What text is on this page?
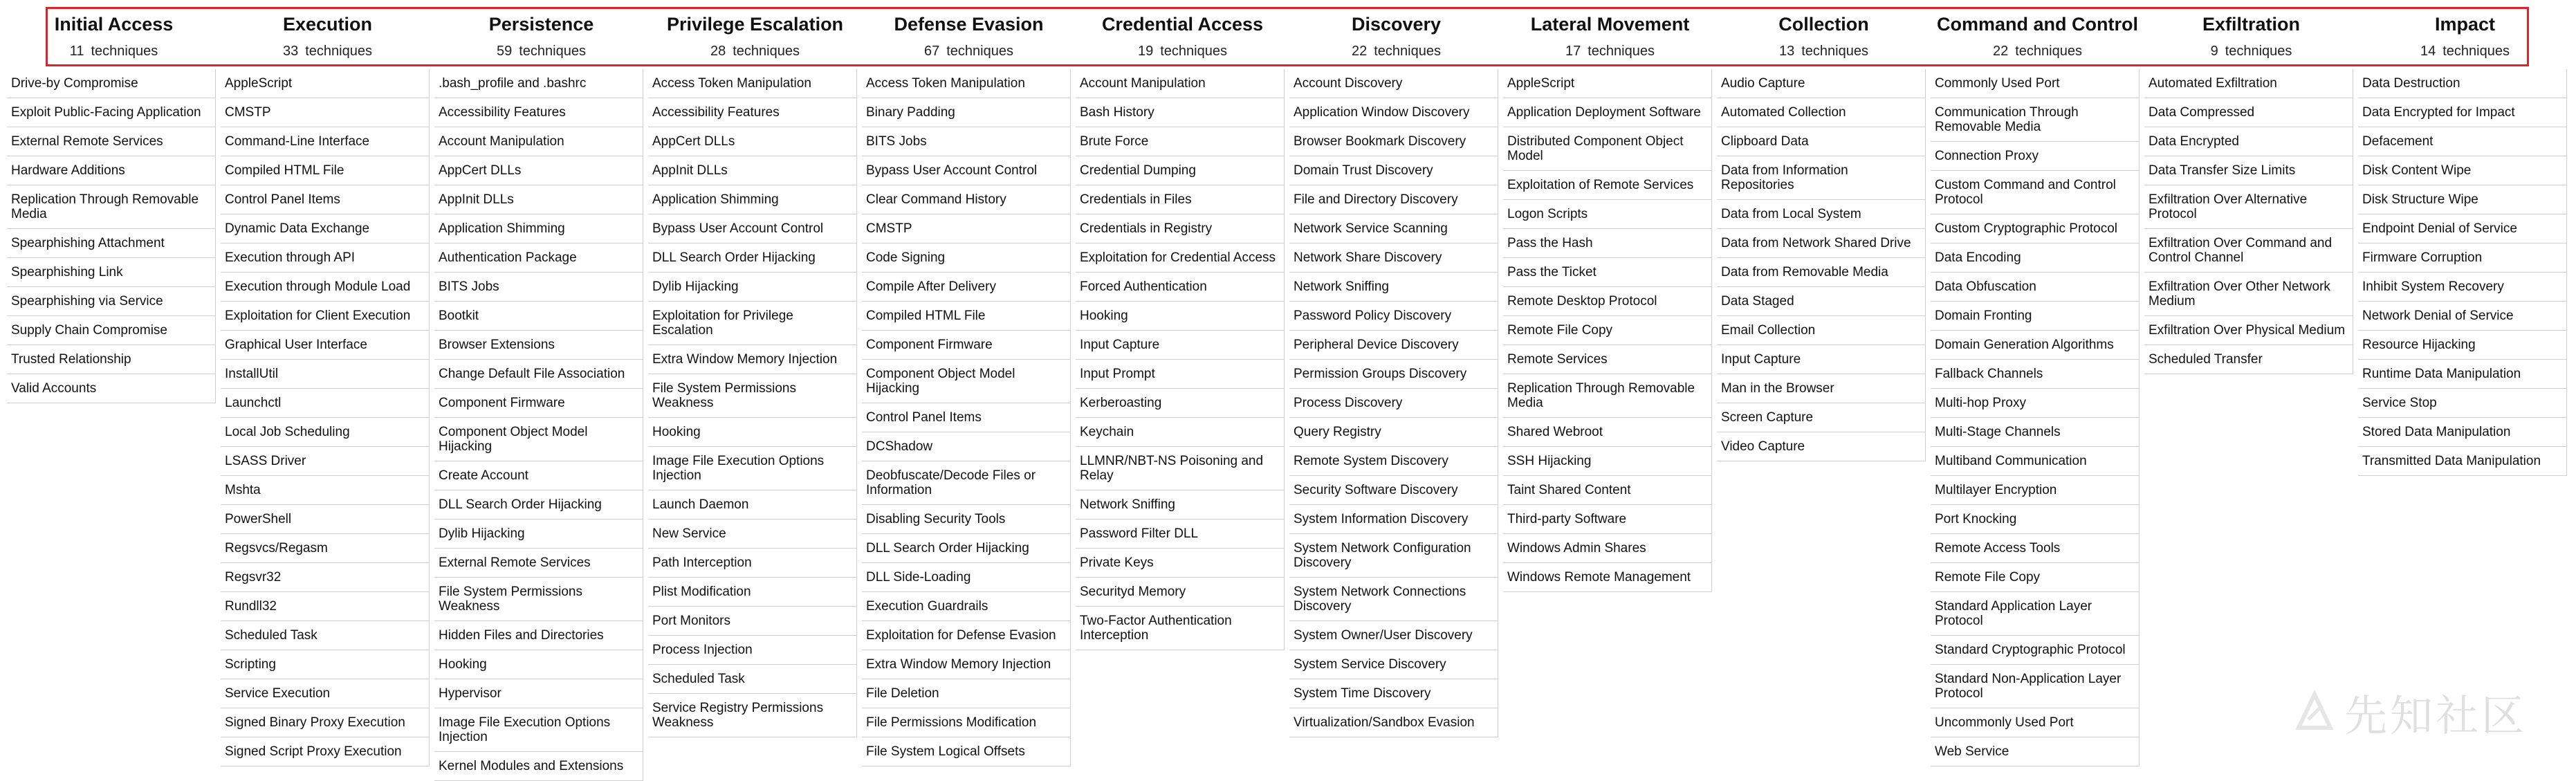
Initial Access
11 techniques
Drive-by Compromise
Exploit Public-Facing Application
External Remote Services
Hardware Additions
Replication Through Removable Media
Spearphishing Attachment
Spearphishing Link
Spearphishing via Service
Supply Chain Compromise
Trusted Relationship
Valid Accounts
Execution
33 techniques
AppleScript
CMSTP
Command-Line Interface
Compiled HTML File
Control Panel Items
Dynamic Data Exchange
Execution through API
Execution through Module Load
Exploitation for Client Execution
Graphical User Interface
InstallUtil
Launchctl
Local Job Scheduling
LSASS Driver
Mshta
PowerShell
Regsvcs/Regasm
Regsvr32
Rundll32
Scheduled Task
Scripting
Service Execution
Signed Binary Proxy Execution
Signed Script Proxy Execution
Persistence
59 techniques
.bash_profile and .bashrc
Accessibility Features
Account Manipulation
AppCert DLLs
AppInit DLLs
Application Shimming
Authentication Package
BITS Jobs
Bootkit
Browser Extensions
Change Default File Association
Component Firmware
Component Object Model Hijacking
Create Account
DLL Search Order Hijacking
Dylib Hijacking
External Remote Services
File System Permissions Weakness
Hidden Files and Directories
Hooking
Hypervisor
Image File Execution Options Injection
Kernel Modules and Extensions
Privilege Escalation
28 techniques
Access Token Manipulation
Accessibility Features
AppCert DLLs
AppInit DLLs
Application Shimming
Bypass User Account Control
DLL Search Order Hijacking
Dylib Hijacking
Exploitation for Privilege Escalation
Extra Window Memory Injection
File System Permissions Weakness
Hooking
Image File Execution Options Injection
Launch Daemon
New Service
Path Interception
Plist Modification
Port Monitors
Process Injection
Scheduled Task
Service Registry Permissions Weakness
Defense Evasion
67 techniques
Access Token Manipulation
Binary Padding
BITS Jobs
Bypass User Account Control
Clear Command History
CMSTP
Code Signing
Compile After Delivery
Compiled HTML File
Component Firmware
Component Object Model Hijacking
Control Panel Items
DCShadow
Deobfuscate/Decode Files or Information
Disabling Security Tools
DLL Search Order Hijacking
DLL Side-Loading
Execution Guardrails
Exploitation for Defense Evasion
Extra Window Memory Injection
File Deletion
File Permissions Modification
File System Logical Offsets
Credential Access
19 techniques
Account Manipulation
Bash History
Brute Force
Credential Dumping
Credentials in Files
Credentials in Registry
Exploitation for Credential Access
Forced Authentication
Hooking
Input Capture
Input Prompt
Kerberoasting
Keychain
LLMNR/NBT-NS Poisoning and Relay
Network Sniffing
Password Filter DLL
Private Keys
Securityd Memory
Two-Factor Authentication Interception
Discovery
22 techniques
Account Discovery
Application Window Discovery
Browser Bookmark Discovery
Domain Trust Discovery
File and Directory Discovery
Network Service Scanning
Network Share Discovery
Network Sniffing
Password Policy Discovery
Peripheral Device Discovery
Permission Groups Discovery
Process Discovery
Query Registry
Remote System Discovery
Security Software Discovery
System Information Discovery
System Network Configuration Discovery
System Network Connections Discovery
System Owner/User Discovery
System Service Discovery
System Time Discovery
Virtualization/Sandbox Evasion
Lateral Movement
17 techniques
AppleScript
Application Deployment Software
Distributed Component Object Model
Exploitation of Remote Services
Logon Scripts
Pass the Hash
Pass the Ticket
Remote Desktop Protocol
Remote File Copy
Remote Services
Replication Through Removable Media
Shared Webroot
SSH Hijacking
Taint Shared Content
Third-party Software
Windows Admin Shares
Windows Remote Management
Collection
13 techniques
Audio Capture
Automated Collection
Clipboard Data
Data from Information Repositories
Data from Local System
Data from Network Shared Drive
Data from Removable Media
Data Staged
Email Collection
Input Capture
Man in the Browser
Screen Capture
Video Capture
Command and Control
22 techniques
Commonly Used Port
Communication Through Removable Media
Connection Proxy
Custom Command and Control Protocol
Custom Cryptographic Protocol
Data Encoding
Data Obfuscation
Domain Fronting
Domain Generation Algorithms
Fallback Channels
Multi-hop Proxy
Multi-Stage Channels
Multiband Communication
Multilayer Encryption
Port Knocking
Remote Access Tools
Remote File Copy
Standard Application Layer Protocol
Standard Cryptographic Protocol
Standard Non-Application Layer Protocol
Uncommonly Used Port
Web Service
Exfiltration
9 techniques
Automated Exfiltration
Data Compressed
Data Encrypted
Data Transfer Size Limits
Exfiltration Over Alternative Protocol
Exfiltration Over Command and Control Channel
Exfiltration Over Other Network Medium
Exfiltration Over Physical Medium
Scheduled Transfer
Impact
14 techniques
Data Destruction
Data Encrypted for Impact
Defacement
Disk Content Wipe
Disk Structure Wipe
Endpoint Denial of Service
Firmware Corruption
Inhibit System Recovery
Network Denial of Service
Resource Hijacking
Runtime Data Manipulation
Service Stop
Stored Data Manipulation
Transmitted Data Manipulation
先知社区
